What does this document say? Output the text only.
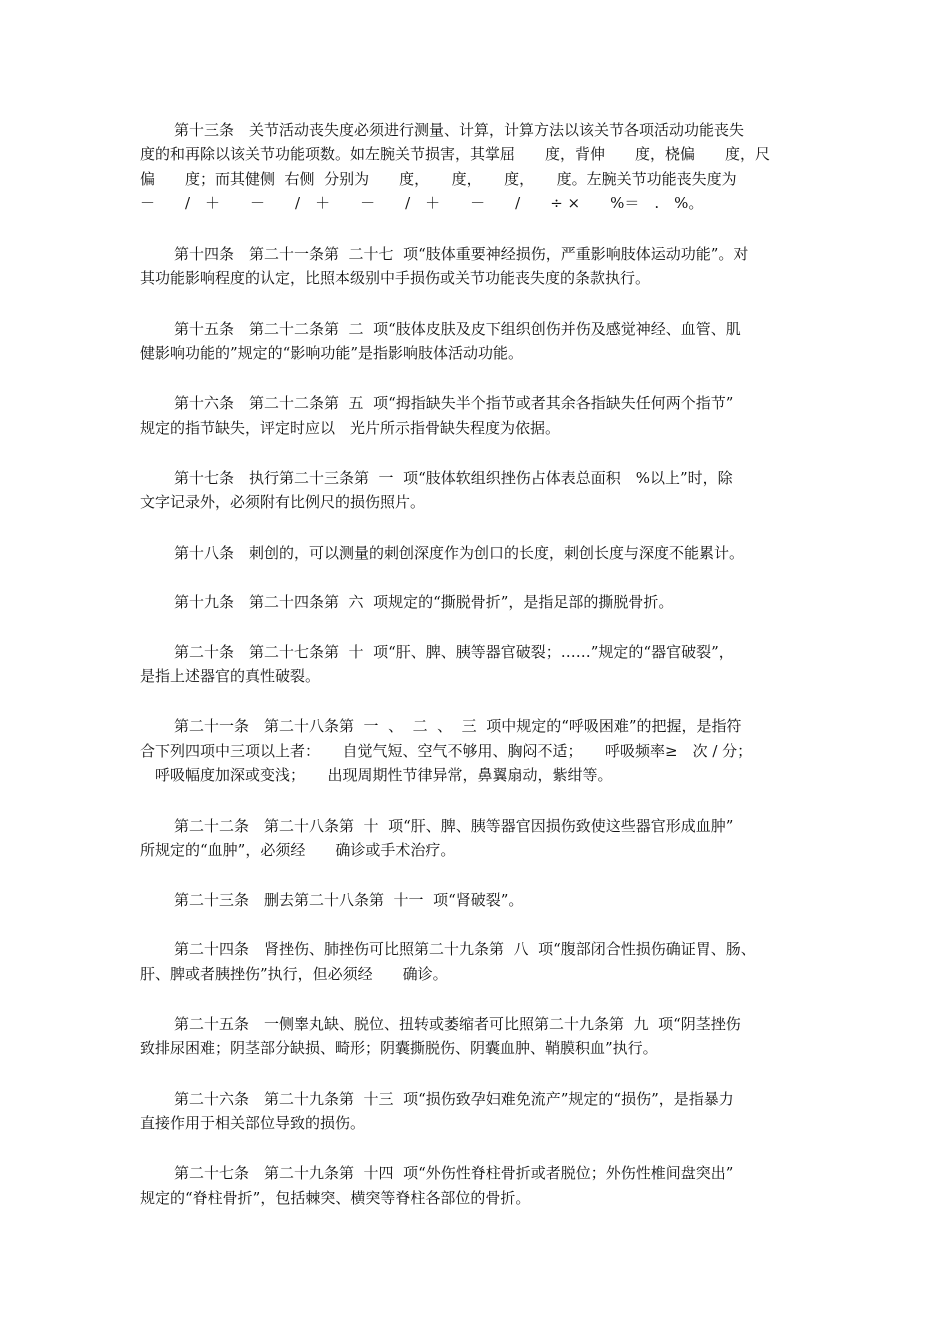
第十三条　关节活动丧失度必须进行测量、计算，计算方法以该关节各项活动功能丧失

度的和再除以该关节功能项数。如左腕关节损害，其掌屈　　度，背伸　　度，桡偏　　度，尺

偏　　度；而其健侧  右侧  分别为　　度，　　度，　　度，　　度。左腕关节功能丧失度为

－　　/　＋　　－　　/　＋　　－　　/　＋　　－　　/　　÷ ×　　%＝　.　%。

第十四条　第二十一条第  二十七  项“肢体重要神经损伤，严重影响肢体运动功能”。对

其功能影响程度的认定，比照本级别中手损伤或关节功能丧失度的条款执行。

第十五条　第二十二条第  二  项“肢体皮肤及皮下组织创伤并伤及感觉神经、血管、肌

健影响功能的”规定的“影响功能”是指影响肢体活动功能。

第十六条　第二十二条第  五  项“拇指缺失半个指节或者其余各指缺失任何两个指节”

规定的指节缺失，评定时应以　光片所示指骨缺失程度为依据。

第十七条　执行第二十三条第  一  项“肢体软组织挫伤占体表总面积　%以上”时，除

文字记录外，必须附有比例尺的损伤照片。

第十八条　刺创的，可以测量的刺创深度作为创口的长度，刺创长度与深度不能累计。

第十九条　第二十四条第  六  项规定的“撕脱骨折”，是指足部的撕脱骨折。

第二十条　第二十七条第  十  项“肝、脾、胰等器官破裂；……”规定的“器官破裂”，

是指上述器官的真性破裂。

第二十一条　第二十八条第  一  、  二  、  三  项中规定的“呼吸困难”的把握，是指符

合下列四项中三项以上者：　　自觉气短、空气不够用、胸闷不适；　　呼吸频率≥　次 / 分；

　呼吸幅度加深或变浅；　　出现周期性节律异常，鼻翼扇动，紫绀等。

第二十二条　第二十八条第  十  项“肝、脾、胰等器官因损伤致使这些器官形成血肿”

所规定的“血肿”，必须经　　确诊或手术治疗。

第二十三条　删去第二十八条第  十一  项“肾破裂”。

第二十四条　肾挫伤、肺挫伤可比照第二十九条第  八  项“腹部闭合性损伤确证胃、肠、

肝、脾或者胰挫伤”执行，但必须经　　确诊。

第二十五条　一侧睾丸缺、脱位、扭转或萎缩者可比照第二十九条第  九  项“阴茎挫伤

致排尿困难；阴茎部分缺损、畸形；阴囊撕脱伤、阴囊血肿、鞘膜积血”执行。

第二十六条　第二十九条第  十三  项“损伤致孕妇难免流产”规定的“损伤”，是指暴力

直接作用于相关部位导致的损伤。

第二十七条　第二十九条第  十四  项“外伤性脊柱骨折或者脱位；外伤性椎间盘突出”

规定的“脊柱骨折”，包括棘突、横突等脊柱各部位的骨折。
